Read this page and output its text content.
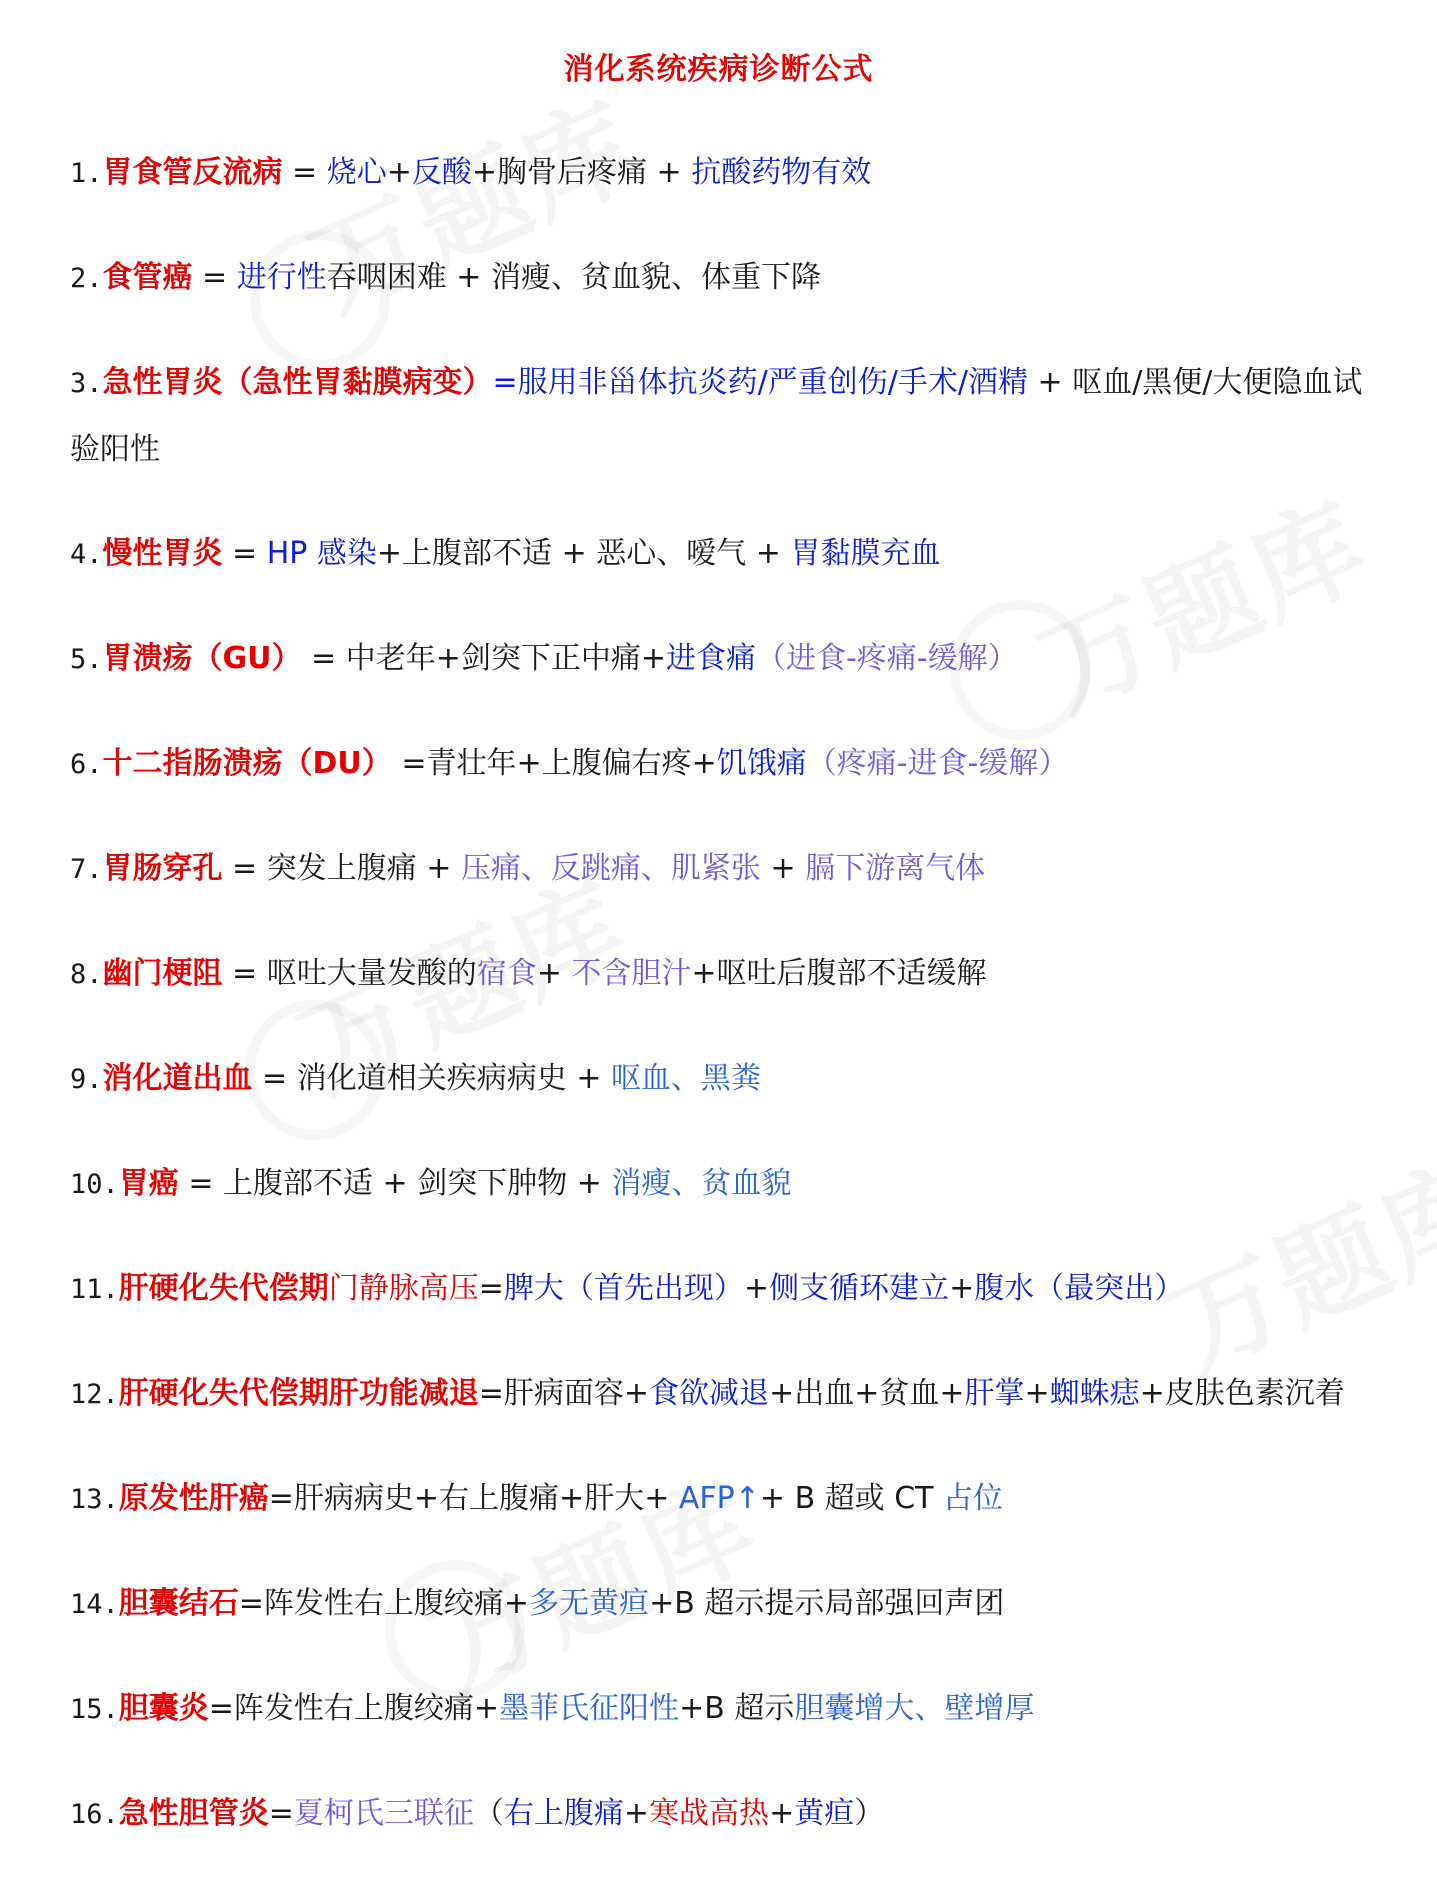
消化系统疾病诊断公式
1.胃食管反流病 = 烧心+反酸+胸骨后疼痛 + 抗酸药物有效
2.食管癌 = 进行性吞咽困难 + 消瘦、贫血貌、体重下降
3.急性胃炎（急性胃黏膜病变）=服用非甾体抗炎药/严重创伤/手术/酒精 + 呕血/黑便/大便隐血试验阳性
4.慢性胃炎 = HP 感染+上腹部不适 + 恶心、嗳气 + 胃黏膜充血
5.胃溃疡（GU） = 中老年+剑突下正中痛+进食痛（进食-疼痛-缓解）
6.十二指肠溃疡（DU） =青壮年+上腹偏右疼+饥饿痛（疼痛-进食-缓解）
7.胃肠穿孔 = 突发上腹痛 + 压痛、反跳痛、肌紧张 + 膈下游离气体
8.幽门梗阻 = 呕吐大量发酸的宿食+ 不含胆汁+呕吐后腹部不适缓解
9.消化道出血 = 消化道相关疾病病史 + 呕血、黑粪
10.胃癌 = 上腹部不适 + 剑突下肿物 + 消瘦、贫血貌
11.肝硬化失代偿期门静脉高压=脾大（首先出现）+侧支循环建立+腹水（最突出）
12.肝硬化失代偿期肝功能减退=肝病面容+食欲减退+出血+贫血+肝掌+蜘蛛痣+皮肤色素沉着
13.原发性肝癌=肝病病史+右上腹痛+肝大+ AFP↑+ B 超或 CT 占位
14.胆囊结石=阵发性右上腹绞痛+多无黄疸+B 超示提示局部强回声团
15.胆囊炎=阵发性右上腹绞痛+墨菲氏征阳性+B 超示胆囊增大、壁增厚
16.急性胆管炎=夏柯氏三联征（右上腹痛+寒战高热+黄疸）
